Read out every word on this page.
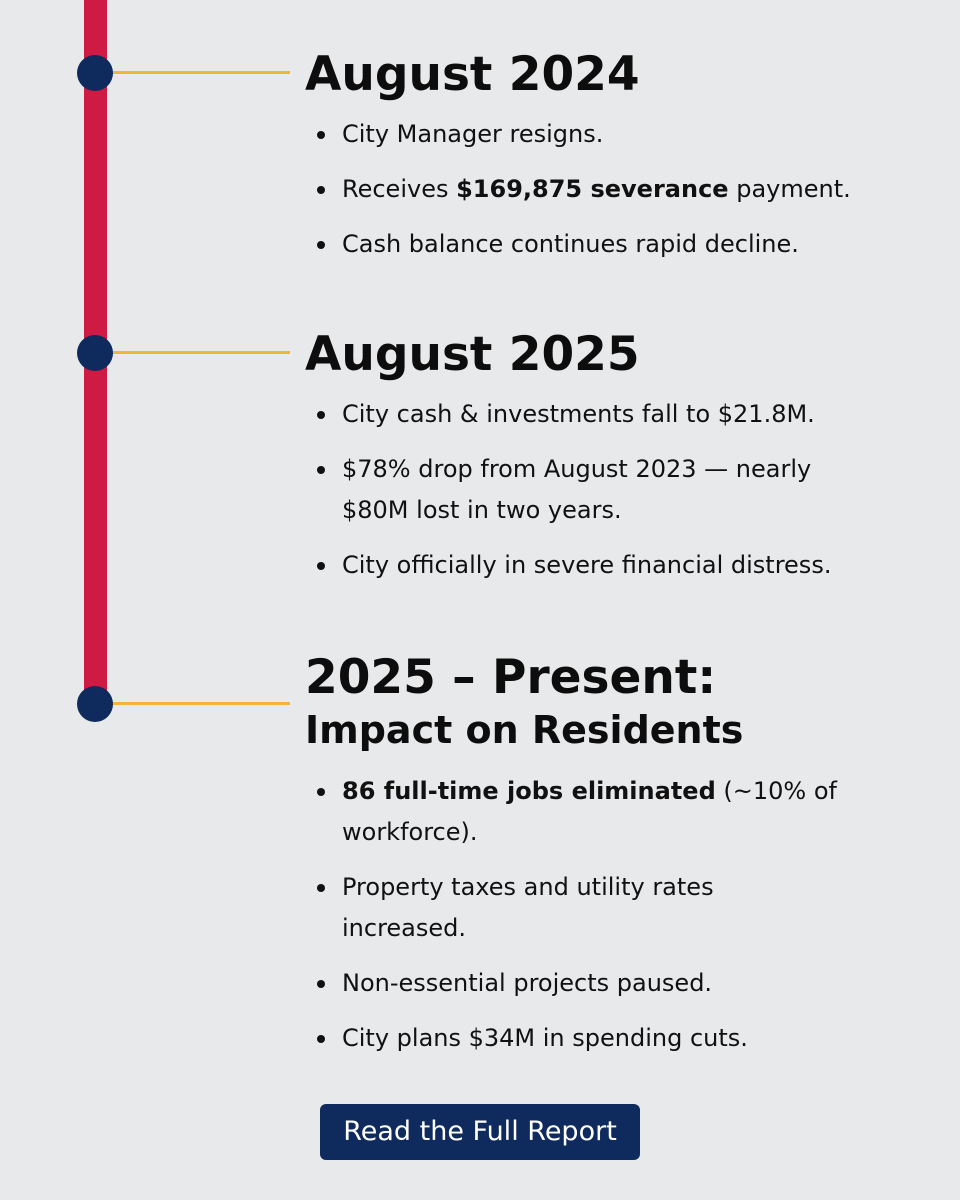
August 2024
City Manager resigns.
Receives $169,875 severance payment.
Cash balance continues rapid decline.
August 2025
City cash & investments fall to $21.8M.
$78% drop from August 2023 — nearly
$80M lost in two years.
City officially in severe financial distress.
2025 – Present:
Impact on Residents
86 full-time jobs eliminated (~10% of workforce).
Property taxes and utility rates increased.
Non-essential projects paused.
City plans $34M in spending cuts.
Read the Full Report
